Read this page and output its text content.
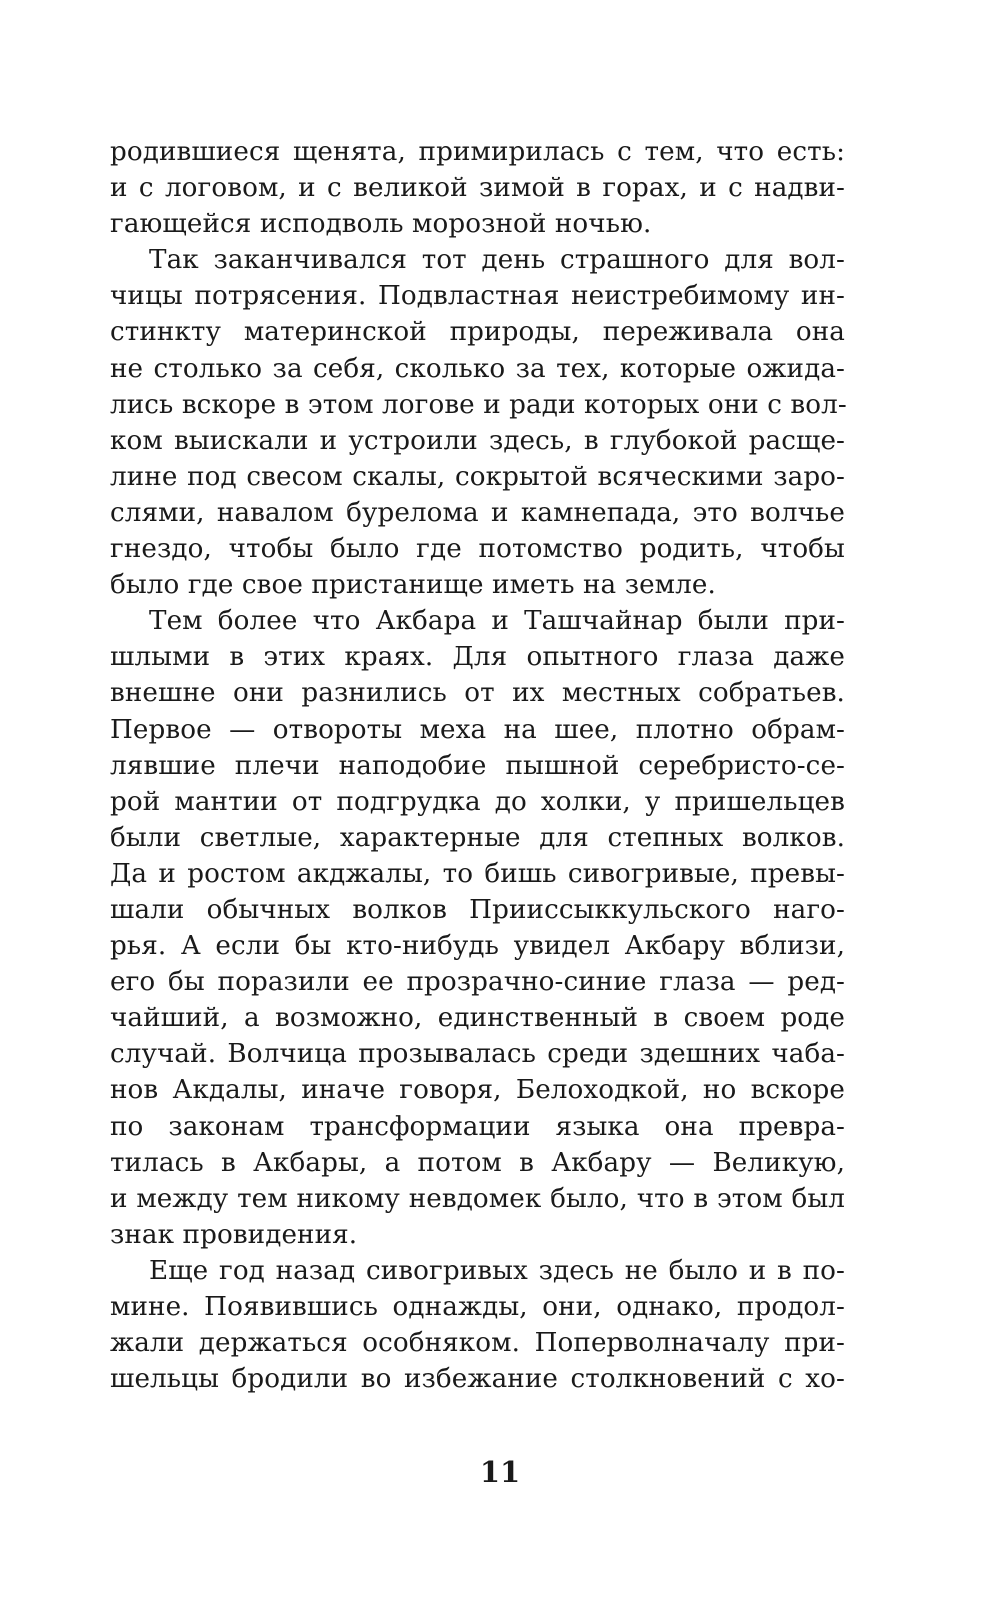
родившиеся щенята, примирилась с тем, что есть:
и с логовом, и с великой зимой в горах, и с надви-
гающейся исподволь морозной ночью.
Так заканчивался тот день страшного для вол-
чицы потрясения. Подвластная неистребимому ин-
стинкту материнской природы, переживала она
не столько за себя, сколько за тех, которые ожида-
лись вскоре в этом логове и ради которых они с вол-
ком выискали и устроили здесь, в глубокой расще-
лине под свесом скалы, сокрытой всяческими заро-
слями, навалом бурелома и камнепада, это волчье
гнездо, чтобы было где потомство родить, чтобы
было где свое пристанище иметь на земле.
Тем более что Акбара и Ташчайнар были при-
шлыми в этих краях. Для опытного глаза даже
внешне они разнились от их местных собратьев.
Первое — отвороты меха на шее, плотно обрам-
лявшие плечи наподобие пышной серебристо-се-
рой мантии от подгрудка до холки, у пришельцев
были светлые, характерные для степных волков.
Да и ростом акджалы, то бишь сивогривые, превы-
шали обычных волков Приисcыккульского наго-
рья. А если бы кто-нибудь увидел Акбару вблизи,
его бы поразили ее прозрачно-синие глаза — ред-
чайший, а возможно, единственный в своем роде
случай. Волчица прозывалась среди здешних чаба-
нов Акдалы, иначе говоря, Белоходкой, но вскоре
по законам трансформации языка она превра-
тилась в Акбары, а потом в Акбару — Великую,
и между тем никому невдомек было, что в этом был
знак провидения.
Еще год назад сивогривых здесь не было и в по-
мине. Появившись однажды, они, однако, продол-
жали держаться особняком. Поперволначалу при-
шельцы бродили во избежание столкновений с хо-
11
